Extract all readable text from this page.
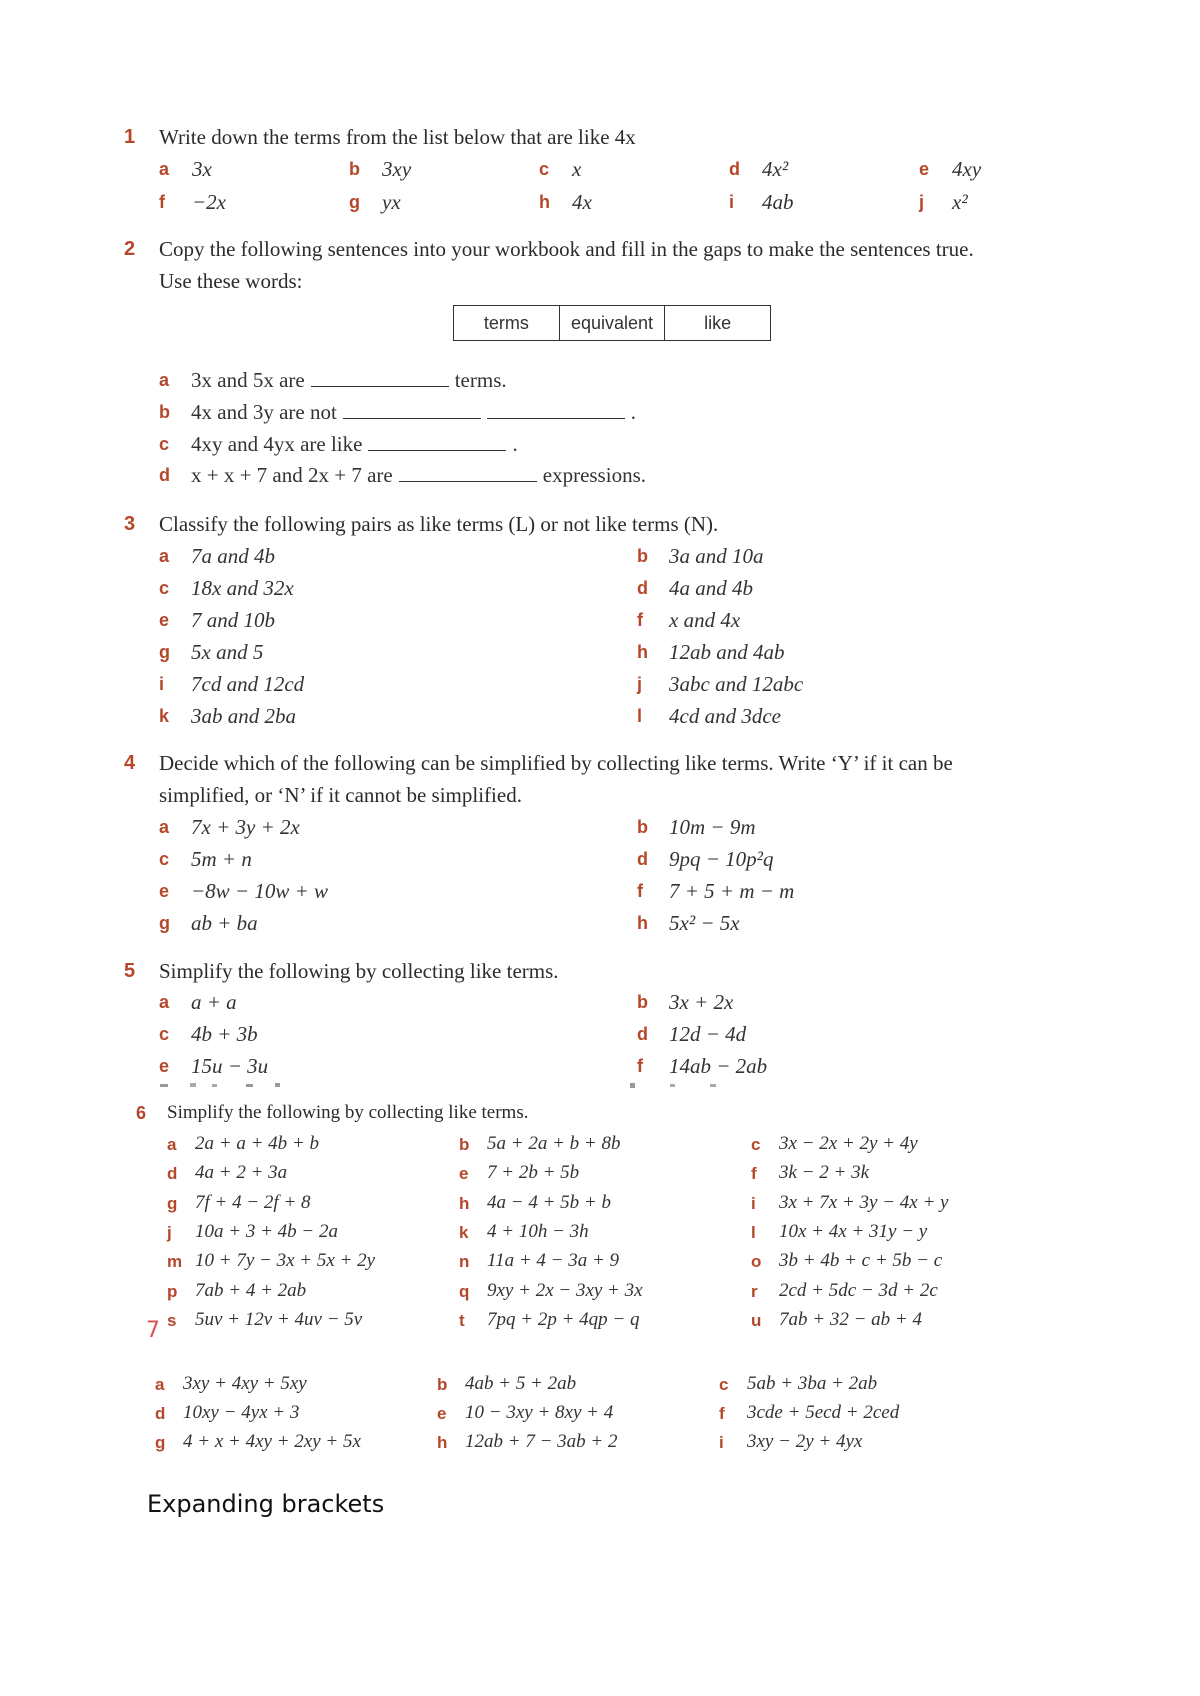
1 Write down the terms from the list below that are like 4x
a 3x	b 3xy	c x	d 4x²	e 4xy
f −2x	g yx	h 4x	i 4ab	j x²
2 Copy the following sentences into your workbook and fill in the gaps to make the sentences true.
Use these words:
terms	equivalent	like
a 3x and 5x are	terms.
b 4x and 3y are not	.
c 4xy and 4yx are like	.
d x + x + 7 and 2x + 7 are	expressions.
3 Classify the following pairs as like terms (L) or not like terms (N).
a 7a and 4b	b 3a and 10a
c 18x and 32x	d 4a and 4b
e 7 and 10b	f x and 4x
g 5x and 5	h 12ab and 4ab
i 7cd and 12cd	j 3abc and 12abc
k 3ab and 2ba	l 4cd and 3dce
4 Decide which of the following can be simplified by collecting like terms. Write ‘Y’ if it can be
simplified, or ‘N’ if it cannot be simplified.
a 7x + 3y + 2x	b 10m − 9m
c 5m + n	d 9pq − 10p²q
e −8w − 10w + w	f 7 + 5 + m − m
g ab + ba	h 5x² − 5x
5 Simplify the following by collecting like terms.
a a + a	b 3x + 2x
c 4b + 3b	d 12d − 4d
e 15u − 3u	f 14ab − 2ab
6 Simplify the following by collecting like terms.
a 2a + a + 4b + b	b 5a + 2a + b + 8b	c 3x − 2x + 2y + 4y
d 4a + 2 + 3a	e 7 + 2b + 5b	f 3k − 2 + 3k
g 7f + 4 − 2f + 8	h 4a − 4 + 5b + b	i 3x + 7x + 3y − 4x + y
j 10a + 3 + 4b − 2a	k 4 + 10h − 3h	l 10x + 4x + 31y − y
m 10 + 7y − 3x + 5x + 2y	n 11a + 4 − 3a + 9	o 3b + 4b + c + 5b − c
p 7ab + 4 + 2ab	q 9xy + 2x − 3xy + 3x	r 2cd + 5dc − 3d + 2c
s 5uv + 12v + 4uv − 5v	t 7pq + 2p + 4qp − q	u 7ab + 32 − ab + 4
7
a 3xy + 4xy + 5xy	b 4ab + 5 + 2ab	c 5ab + 3ba + 2ab
d 10xy − 4yx + 3	e 10 − 3xy + 8xy + 4	f 3cde + 5ecd + 2ced
g 4 + x + 4xy + 2xy + 5x	h 12ab + 7 − 3ab + 2	i 3xy − 2y + 4yx
Expanding brackets
